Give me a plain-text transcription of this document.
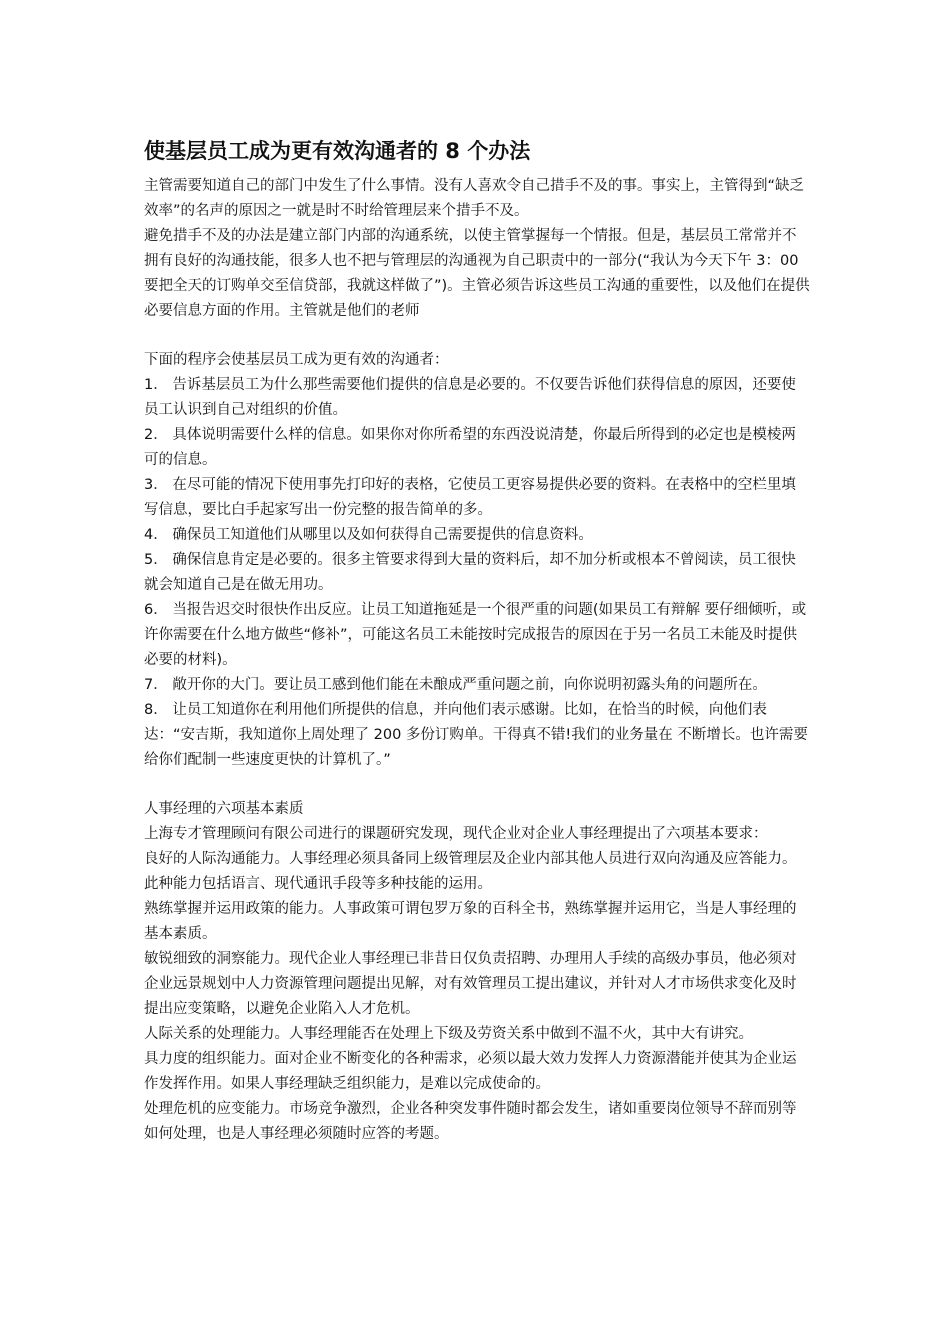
使基层员工成为更有效沟通者的 8 个办法

主管需要知道自己的部门中发生了什么事情。没有人喜欢令自己措手不及的事。事实上，主管得到“缺乏效率”的名声的原因之一就是时不时给管理层来个措手不及。

避免措手不及的办法是建立部门内部的沟通系统，以使主管掌握每一个情报。但是，基层员工常常并不拥有良好的沟通技能，很多人也不把与管理层的沟通视为自己职责中的一部分(“我认为今天下午 3：00 要把全天的订购单交至信贷部，我就这样做了”)。主管必须告诉这些员工沟通的重要性，以及他们在提供必要信息方面的作用。主管就是他们的老师

下面的程序会使基层员工成为更有效的沟通者：

1． 告诉基层员工为什么那些需要他们提供的信息是必要的。不仅要告诉他们获得信息的原因，还要使员工认识到自己对组织的价值。

2． 具体说明需要什么样的信息。如果你对你所希望的东西没说清楚，你最后所得到的必定也是模棱两可的信息。

3． 在尽可能的情况下使用事先打印好的表格，它使员工更容易提供必要的资料。在表格中的空栏里填写信息，要比白手起家写出一份完整的报告简单的多。

4． 确保员工知道他们从哪里以及如何获得自己需要提供的信息资料。

5． 确保信息肯定是必要的。很多主管要求得到大量的资料后，却不加分析或根本不曾阅读，员工很快就会知道自己是在做无用功。

6． 当报告迟交时很快作出反应。让员工知道拖延是一个很严重的问题(如果员工有辩解 要仔细倾听，或许你需要在什么地方做些“修补”，可能这名员工未能按时完成报告的原因在于另一名员工未能及时提供必要的材料)。

7． 敞开你的大门。要让员工感到他们能在未酿成严重问题之前，向你说明初露头角的问题所在。

8． 让员工知道你在利用他们所提供的信息，并向他们表示感谢。比如，在恰当的时候，向他们表达：“安吉斯，我知道你上周处理了 200 多份订购单。干得真不错!我们的业务量在 不断增长。也许需要给你们配制一些速度更快的计算机了。”

人事经理的六项基本素质

上海专才管理顾问有限公司进行的课题研究发现，现代企业对企业人事经理提出了六项基本要求：

良好的人际沟通能力。人事经理必须具备同上级管理层及企业内部其他人员进行双向沟通及应答能力。此种能力包括语言、现代通讯手段等多种技能的运用。

熟练掌握并运用政策的能力。人事政策可谓包罗万象的百科全书，熟练掌握并运用它，当是人事经理的基本素质。

敏锐细致的洞察能力。现代企业人事经理已非昔日仅负责招聘、办理用人手续的高级办事员，他必须对企业远景规划中人力资源管理问题提出见解，对有效管理员工提出建议，并针对人才市场供求变化及时提出应变策略，以避免企业陷入人才危机。

人际关系的处理能力。人事经理能否在处理上下级及劳资关系中做到不温不火，其中大有讲究。

具力度的组织能力。面对企业不断变化的各种需求，必须以最大效力发挥人力资源潜能并使其为企业运作发挥作用。如果人事经理缺乏组织能力，是难以完成使命的。

处理危机的应变能力。市场竞争激烈，企业各种突发事件随时都会发生，诸如重要岗位领导不辞而别等如何处理，也是人事经理必须随时应答的考题。
